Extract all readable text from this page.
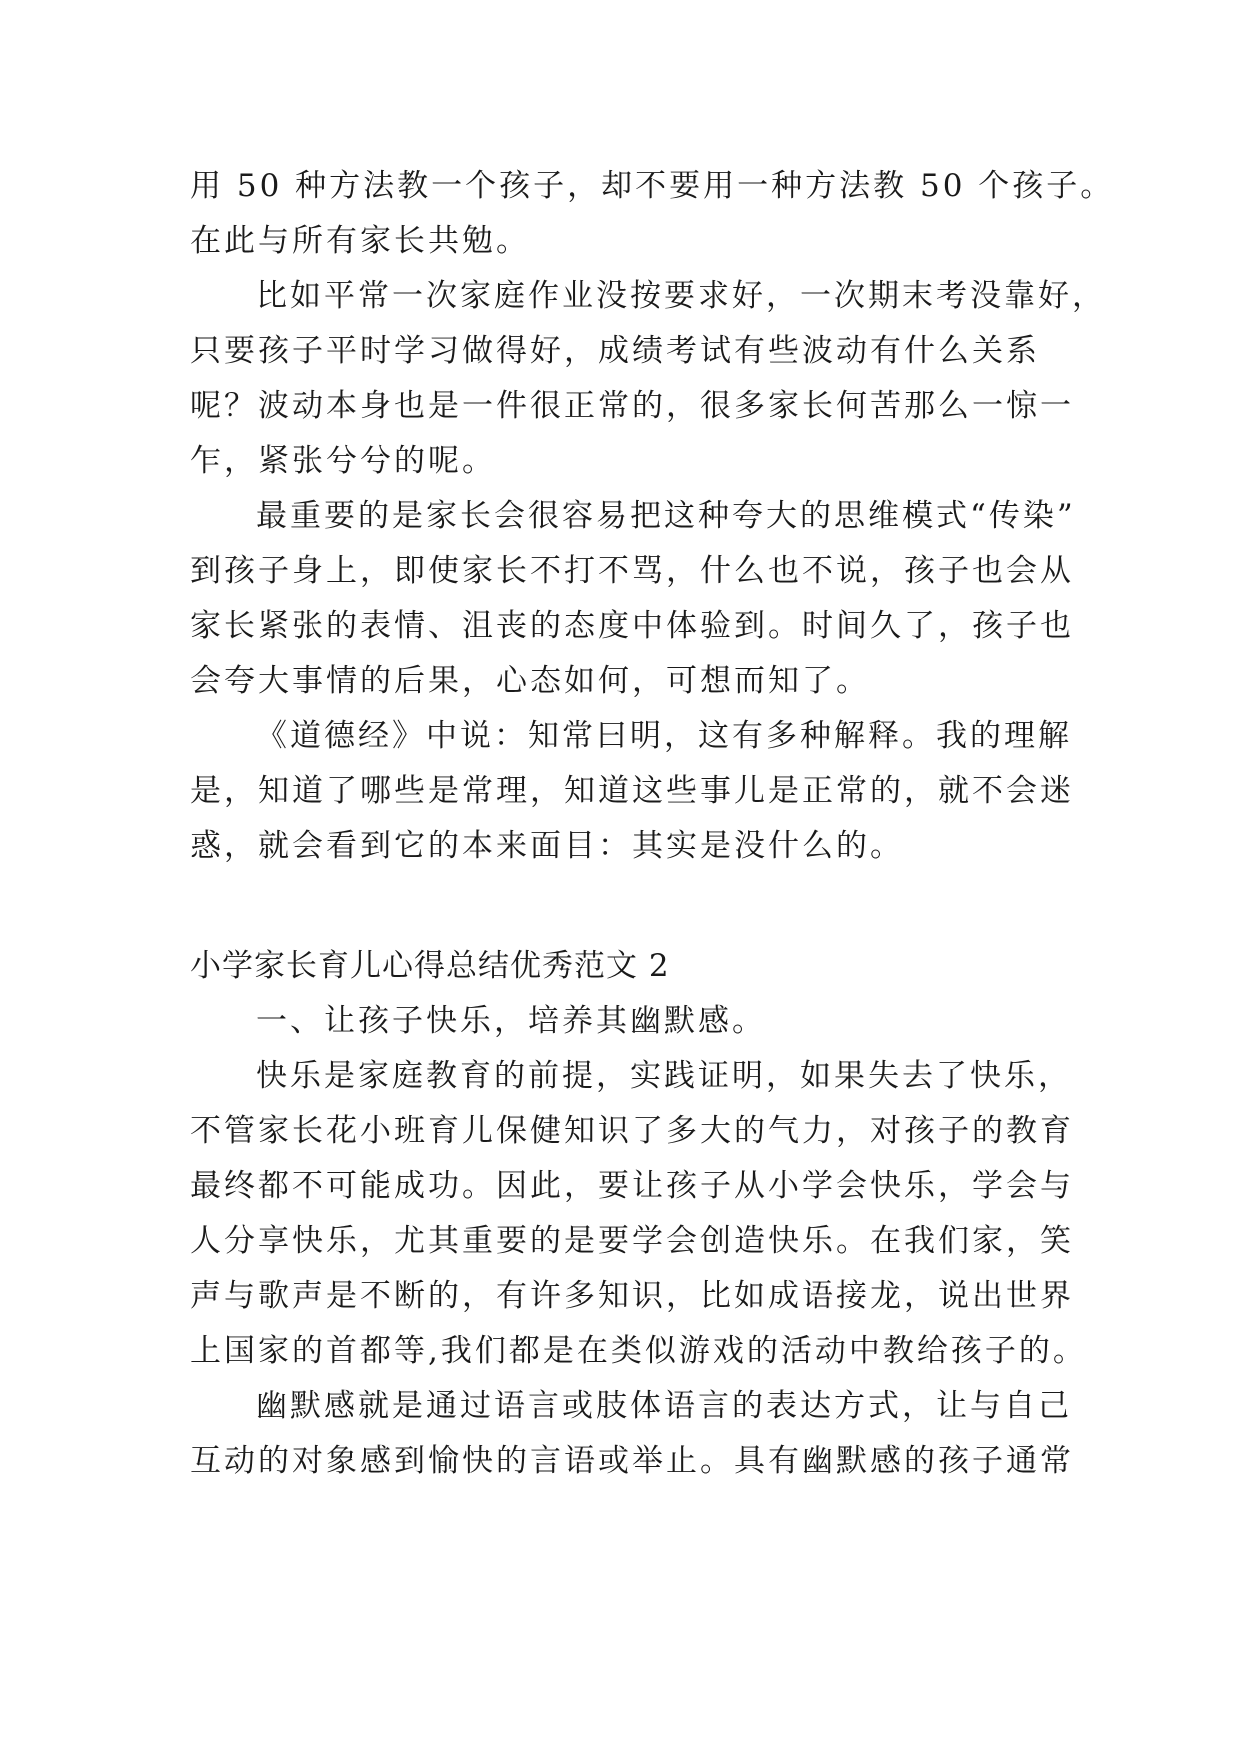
用 50 种方法教一个孩子，却不要用一种方法教 50 个孩子。
在此与所有家长共勉。
比如平常一次家庭作业没按要求好，一次期末考没靠好，
只要孩子平时学习做得好，成绩考试有些波动有什么关系
呢？波动本身也是一件很正常的，很多家长何苦那么一惊一
乍，紧张兮兮的呢。
最重要的是家长会很容易把这种夸大的思维模式“传染”
到孩子身上，即使家长不打不骂，什么也不说，孩子也会从
家长紧张的表情、沮丧的态度中体验到。时间久了，孩子也
会夸大事情的后果，心态如何，可想而知了。
《道德经》中说：知常曰明，这有多种解释。我的理解
是，知道了哪些是常理，知道这些事儿是正常的，就不会迷
惑，就会看到它的本来面目：其实是没什么的。
小学家长育儿心得总结优秀范文 2
一、让孩子快乐，培养其幽默感。
快乐是家庭教育的前提，实践证明，如果失去了快乐，
不管家长花小班育儿保健知识了多大的气力，对孩子的教育
最终都不可能成功。因此，要让孩子从小学会快乐，学会与
人分享快乐，尤其重要的是要学会创造快乐。在我们家，笑
声与歌声是不断的，有许多知识，比如成语接龙，说出世界
上国家的首都等,我们都是在类似游戏的活动中教给孩子的。
幽默感就是通过语言或肢体语言的表达方式，让与自己
互动的对象感到愉快的言语或举止。具有幽默感的孩子通常
